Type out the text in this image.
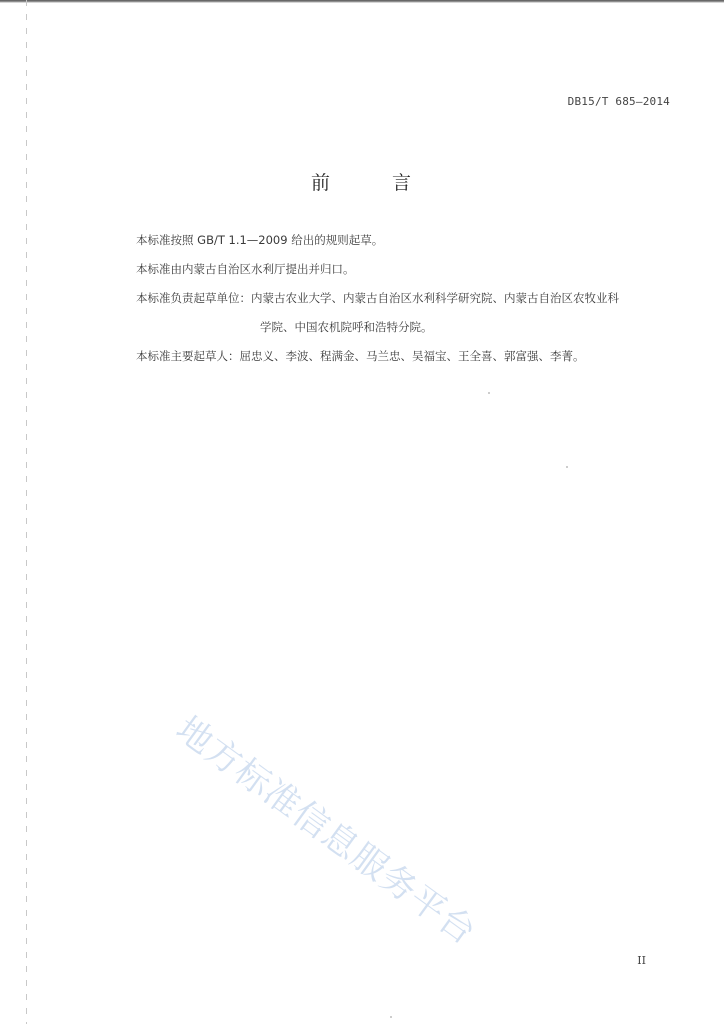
DB15/T 685—2014
前 言
本标准按照 GB/T 1.1—2009 给出的规则起草。
本标准由内蒙古自治区水利厅提出并归口。
本标准负责起草单位：内蒙古农业大学、内蒙古自治区水利科学研究院、内蒙古自治区农牧业科
学院、中国农机院呼和浩特分院。
本标准主要起草人：屈忠义、李波、程满金、马兰忠、吴福宝、王全喜、郭富强、李菁。
地方标准信息服务平台
II
